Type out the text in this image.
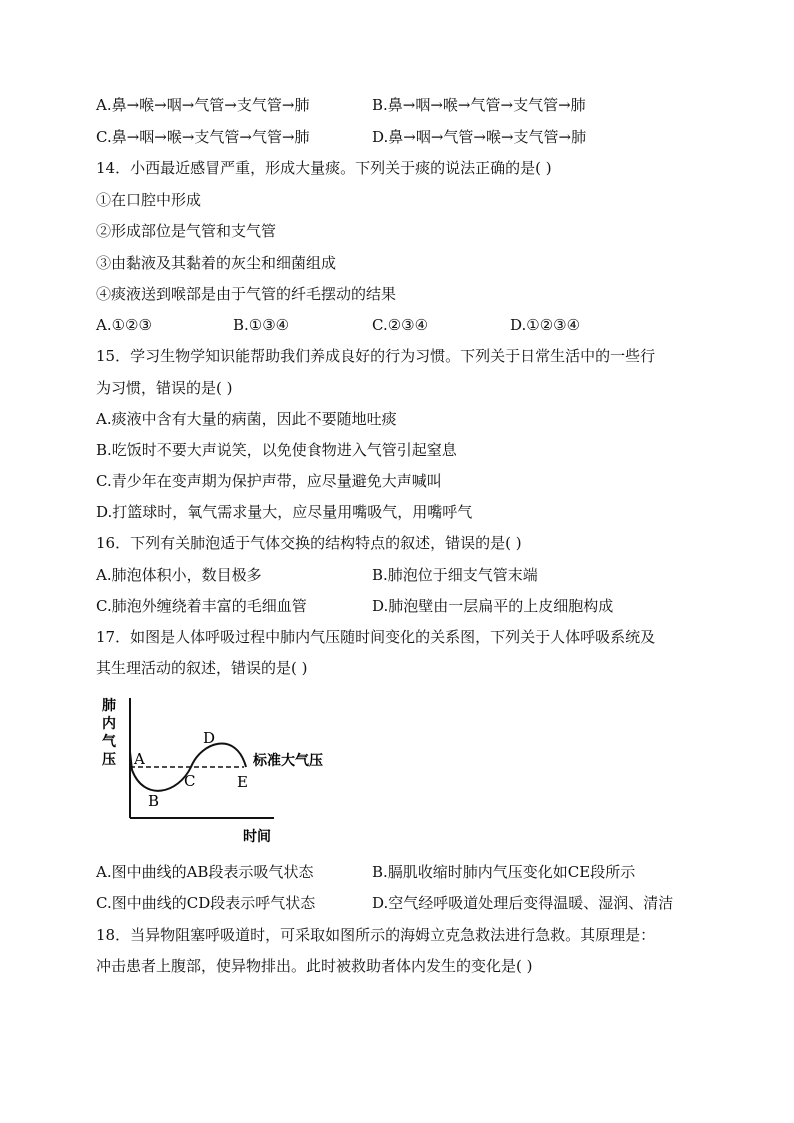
A.鼻→喉→咽→气管→支气管→肺	B.鼻→咽→喉→气管→支气管→肺
C.鼻→咽→喉→支气管→气管→肺	D.鼻→咽→气管→喉→支气管→肺
14．小西最近感冒严重，形成大量痰。下列关于痰的说法正确的是( )
①在口腔中形成
②形成部位是气管和支气管
③由黏液及其黏着的灰尘和细菌组成
④痰液送到喉部是由于气管的纤毛摆动的结果
A.①②③	B.①③④	C.②③④	D.①②③④
15．学习生物学知识能帮助我们养成良好的行为习惯。下列关于日常生活中的一些行
为习惯，错误的是( )
A.痰液中含有大量的病菌，因此不要随地吐痰
B.吃饭时不要大声说笑，以免使食物进入气管引起窒息
C.青少年在变声期为保护声带，应尽量避免大声喊叫
D.打篮球时，氧气需求量大，应尽量用嘴吸气，用嘴呼气
16．下列有关肺泡适于气体交换的结构特点的叙述，错误的是( )
A.肺泡体积小，数目极多	B.肺泡位于细支气管末端
C.肺泡外缠绕着丰富的毛细血管	D.肺泡壁由一层扁平的上皮细胞构成
17．如图是人体呼吸过程中肺内气压随时间变化的关系图，下列关于人体呼吸系统及
其生理活动的叙述，错误的是( )
肺
内
气
压 A
B
C
D
E
标准大气压
时间
A.图中曲线的AB段表示吸气状态	B.膈肌收缩时肺内气压变化如CE段所示
C.图中曲线的CD段表示呼气状态	D.空气经呼吸道处理后变得温暖、湿润、清洁
18．当异物阻塞呼吸道时，可采取如图所示的海姆立克急救法进行急救。其原理是：
冲击患者上腹部，使异物排出。此时被救助者体内发生的变化是( )
